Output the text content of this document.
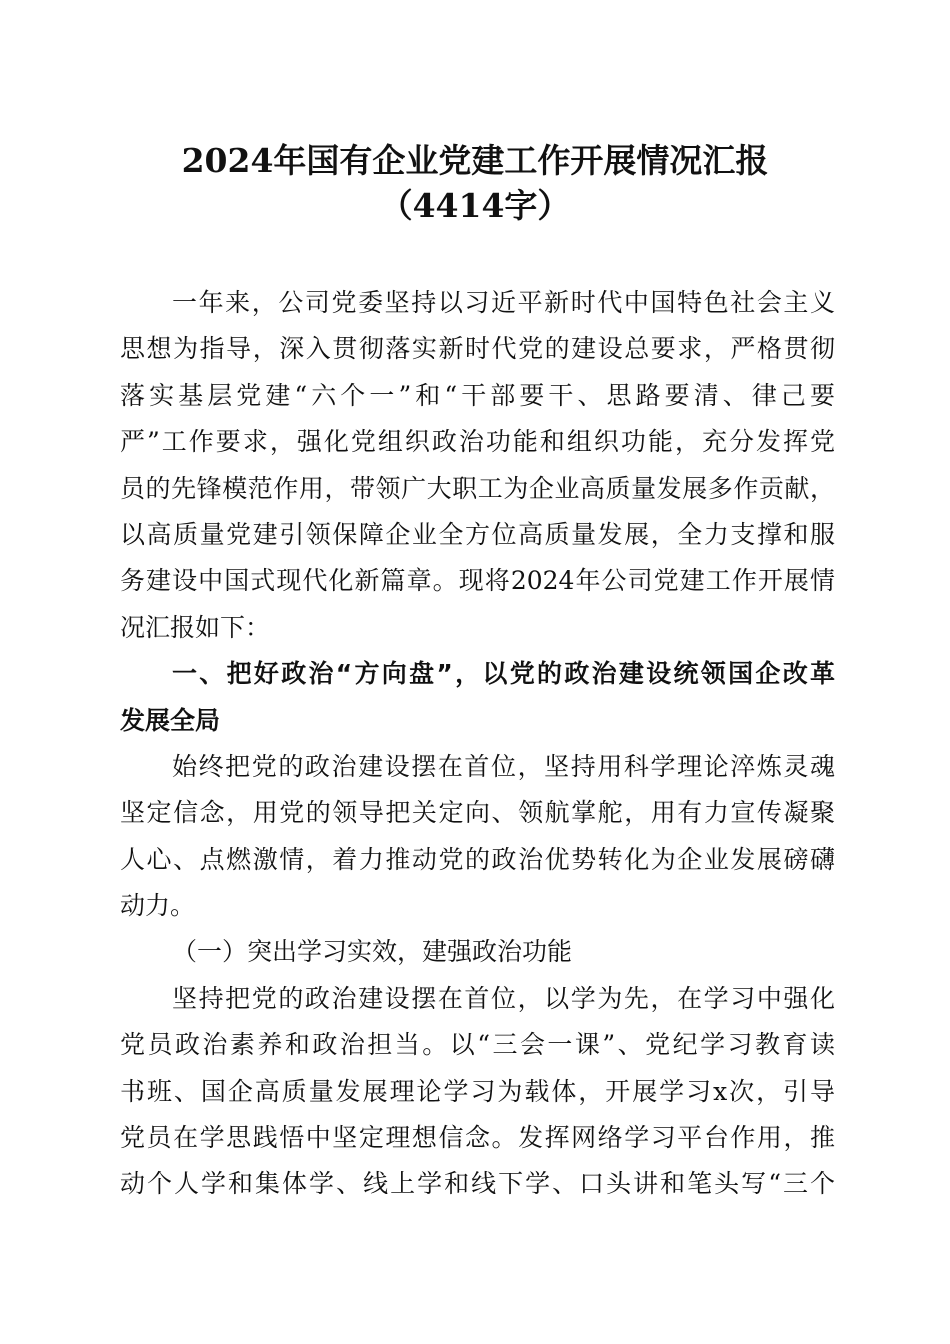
2024年国有企业党建工作开展情况汇报
（4414字）
一年来，公司党委坚持以习近平新时代中国特色社会主义
思想为指导，深入贯彻落实新时代党的建设总要求，严格贯彻
落实基层党建“六个一”和“干部要干、思路要清、律己要
严”工作要求，强化党组织政治功能和组织功能，充分发挥党
员的先锋模范作用，带领广大职工为企业高质量发展多作贡献，
以高质量党建引领保障企业全方位高质量发展，全力支撑和服
务建设中国式现代化新篇章。现将2024年公司党建工作开展情
况汇报如下：
一、把好政治“方向盘”，以党的政治建设统领国企改革
发展全局
始终把党的政治建设摆在首位，坚持用科学理论淬炼灵魂
坚定信念，用党的领导把关定向、领航掌舵，用有力宣传凝聚
人心、点燃激情，着力推动党的政治优势转化为企业发展磅礴
动力。
（一）突出学习实效，建强政治功能
坚持把党的政治建设摆在首位，以学为先，在学习中强化
党员政治素养和政治担当。以“三会一课”、党纪学习教育读
书班、国企高质量发展理论学习为载体，开展学习x次，引导
党员在学思践悟中坚定理想信念。发挥网络学习平台作用，推
动个人学和集体学、线上学和线下学、口头讲和笔头写“三个
